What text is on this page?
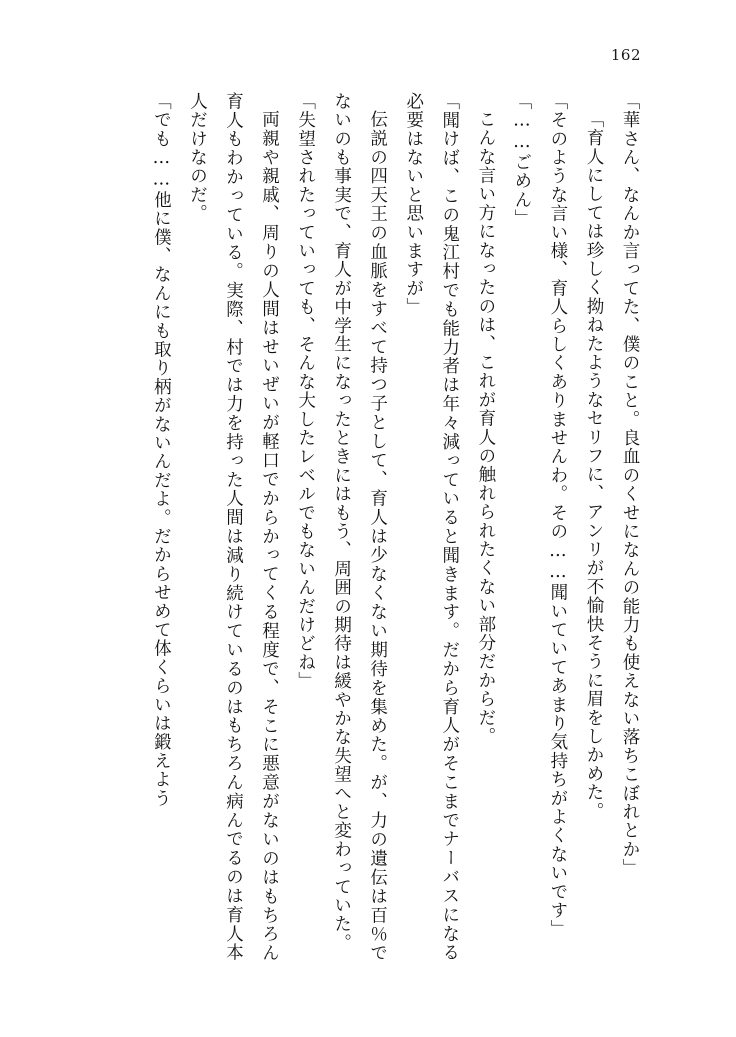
162

「華さん、なんか言ってた、僕のこと。良血のくせになんの能力も使えない落ちこぼれとか」

「育人にしては珍しく拗ねたようなセリフに、アンリが不愉快そうに眉をしかめた。

「そのような言い様、育人らしくありませんわ。その……聞いていてあまり気持ちがよくないです」

「……ごめん」

こんな言い方になったのは、これが育人の触れられたくない部分だからだ。

「聞けば、この鬼江村でも能力者は年々減っていると聞きます。だから育人がそこまでナーバスになる必要はないと思いますが」

伝説の四天王の血脈をすべて持つ子として、育人は少なくない期待を集めた。が、力の遺伝は百％でないのも事実で、育人が中学生になったときにはもう、周囲の期待は緩やかな失望へと変わっていた。

「失望されたっていっても、そんな大したレベルでもないんだけどね」

両親や親戚、周りの人間はせいぜいが軽口でからかってくる程度で、そこに悪意がないのはもちろん育人もわかっている。実際、村では力を持った人間は減り続けているのはもちろん病んでるのは育人本人だけなのだ。

「でも……他に僕、なんにも取り柄がないんだよ。だからせめて体くらいは鍛えよう
